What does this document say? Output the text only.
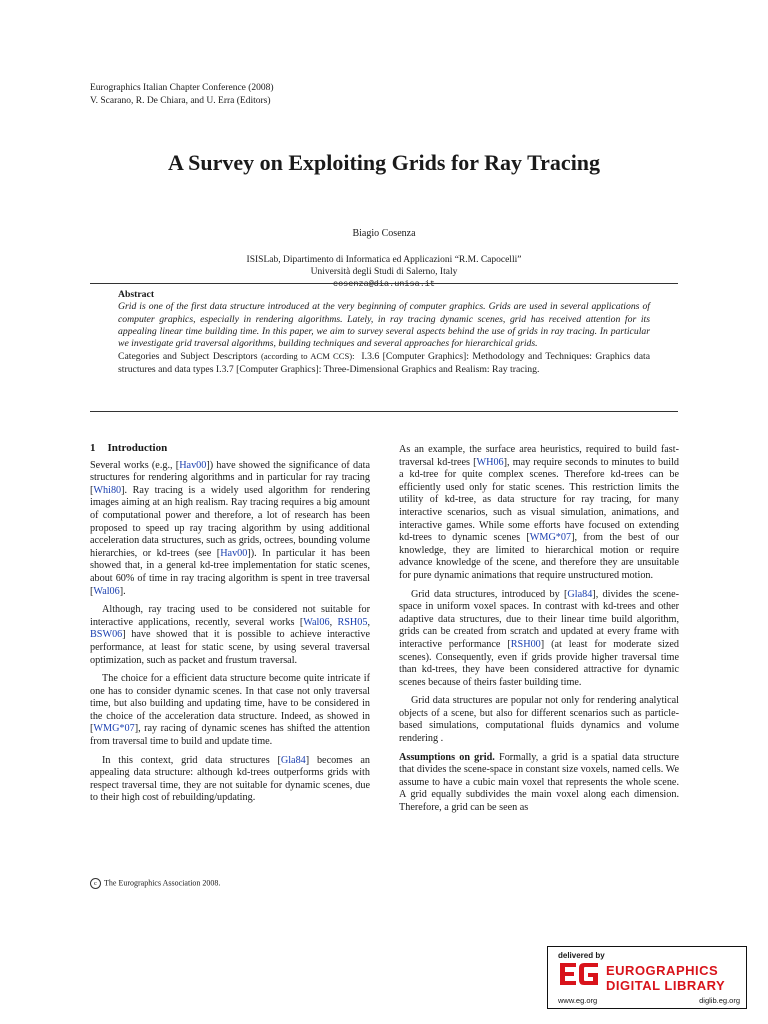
Eurographics Italian Chapter Conference (2008)
V. Scarano, R. De Chiara, and U. Erra (Editors)
A Survey on Exploiting Grids for Ray Tracing
Biagio Cosenza
ISISLab, Dipartimento di Informatica ed Applicazioni “R.M. Capocelli”
Università degli Studi di Salerno, Italy
cosenza@dia.unisa.it
Abstract
Grid is one of the first data structure introduced at the very beginning of computer graphics. Grids are used in several applications of computer graphics, especially in rendering algorithms. Lately, in ray tracing dynamic scenes, grid has received attention for its appealing linear time building time. In this paper, we aim to survey several aspects behind the use of grids in ray tracing. In particular we investigate grid traversal algorithms, building techniques and several approaches for hierarchical grids.
Categories and Subject Descriptors (according to ACM CCS): I.3.6 [Computer Graphics]: Methodology and Techniques: Graphics data structures and data types I.3.7 [Computer Graphics]: Three-Dimensional Graphics and Realism: Ray tracing.
1 Introduction

Several works (e.g., [Hav00]) have showed the significance of data structures for rendering algorithms and in particular for ray tracing [Whi80]. Ray tracing is a widely used algorithm for rendering images aiming at an high realism. Ray tracing requires a big amount of computational power and therefore, a lot of research has been proposed to speed up ray tracing algorithm by using additional acceleration data structures, such as grids, octrees, bounding volume hierarchies, or kd-trees (see [Hav00]). In particular it has been showed that, in a general kd-tree implementation for static scenes, about 60% of time in ray tracing algorithm is spent in tree traversal [Wal06].

Although, ray tracing used to be considered not suitable for interactive applications, recently, several works [Wal06, RSH05, BSW06] have showed that it is possible to achieve interactive performance, at least for static scene, by using several traversal optimization, such as packet and frustum traversal.

The choice for a efficient data structure become quite intricate if one has to consider dynamic scenes. In that case not only traversal time, but also building and updating time, have to be considered in the choice of the acceleration data structure. Indeed, as showed in [WMG*07], ray racing of dynamic scenes has shifted the attention from traversal time to build and update time.

In this context, grid data structures [Gla84] becomes an appealing data structure: although kd-trees outperforms grids with respect traversal time, they are not suitable for dynamic scenes, due to their high cost of rebuilding/updating.

As an example, the surface area heuristics, required to build fast-traversal kd-trees [WH06], may require seconds to minutes to build a kd-tree for quite complex scenes. Therefore kd-trees can be efficiently used only for static scenes. This restriction limits the utility of kd-tree, as data structure for ray tracing, for many interactive scenarios, such as visual simulation, animations, and interactive games. While some efforts have focused on extending kd-trees to dynamic scenes [WMG*07], from the best of our knowledge, they are limited to hierarchical motion or require advance knowledge of the scene, and therefore they are unsuitable for pure dynamic animations that require unstructured motion.

Grid data structures, introduced by [Gla84], divides the scene-space in uniform voxel spaces. In contrast with kd-trees and other adaptive data structures, due to their linear time build algorithm, grids can be created from scratch and updated at every frame with interactive performance [RSH00] (at least for moderate sized scenes). Consequently, even if grids provide higher traversal time than kd-trees, they have been considered attractive for dynamic scenes because of theirs faster building time.

Grid data structures are popular not only for rendering analytical objects of a scene, but also for different scenarios such as particle-based simulations, computational fluids dynamics and volume rendering .

Assumptions on grid. Formally, a grid is a spatial data structure that divides the scene-space in constant size voxels, named cells. We assume to have a cubic main voxel that represents the whole scene. A grid equally subdivides the main voxel along each dimension. Therefore, a grid can be seen as

c The Eurographics Association 2008.
delivered by
EUROGRAPHICS
DIGITAL LIBRARY
www.eg.org	diglib.eg.org
